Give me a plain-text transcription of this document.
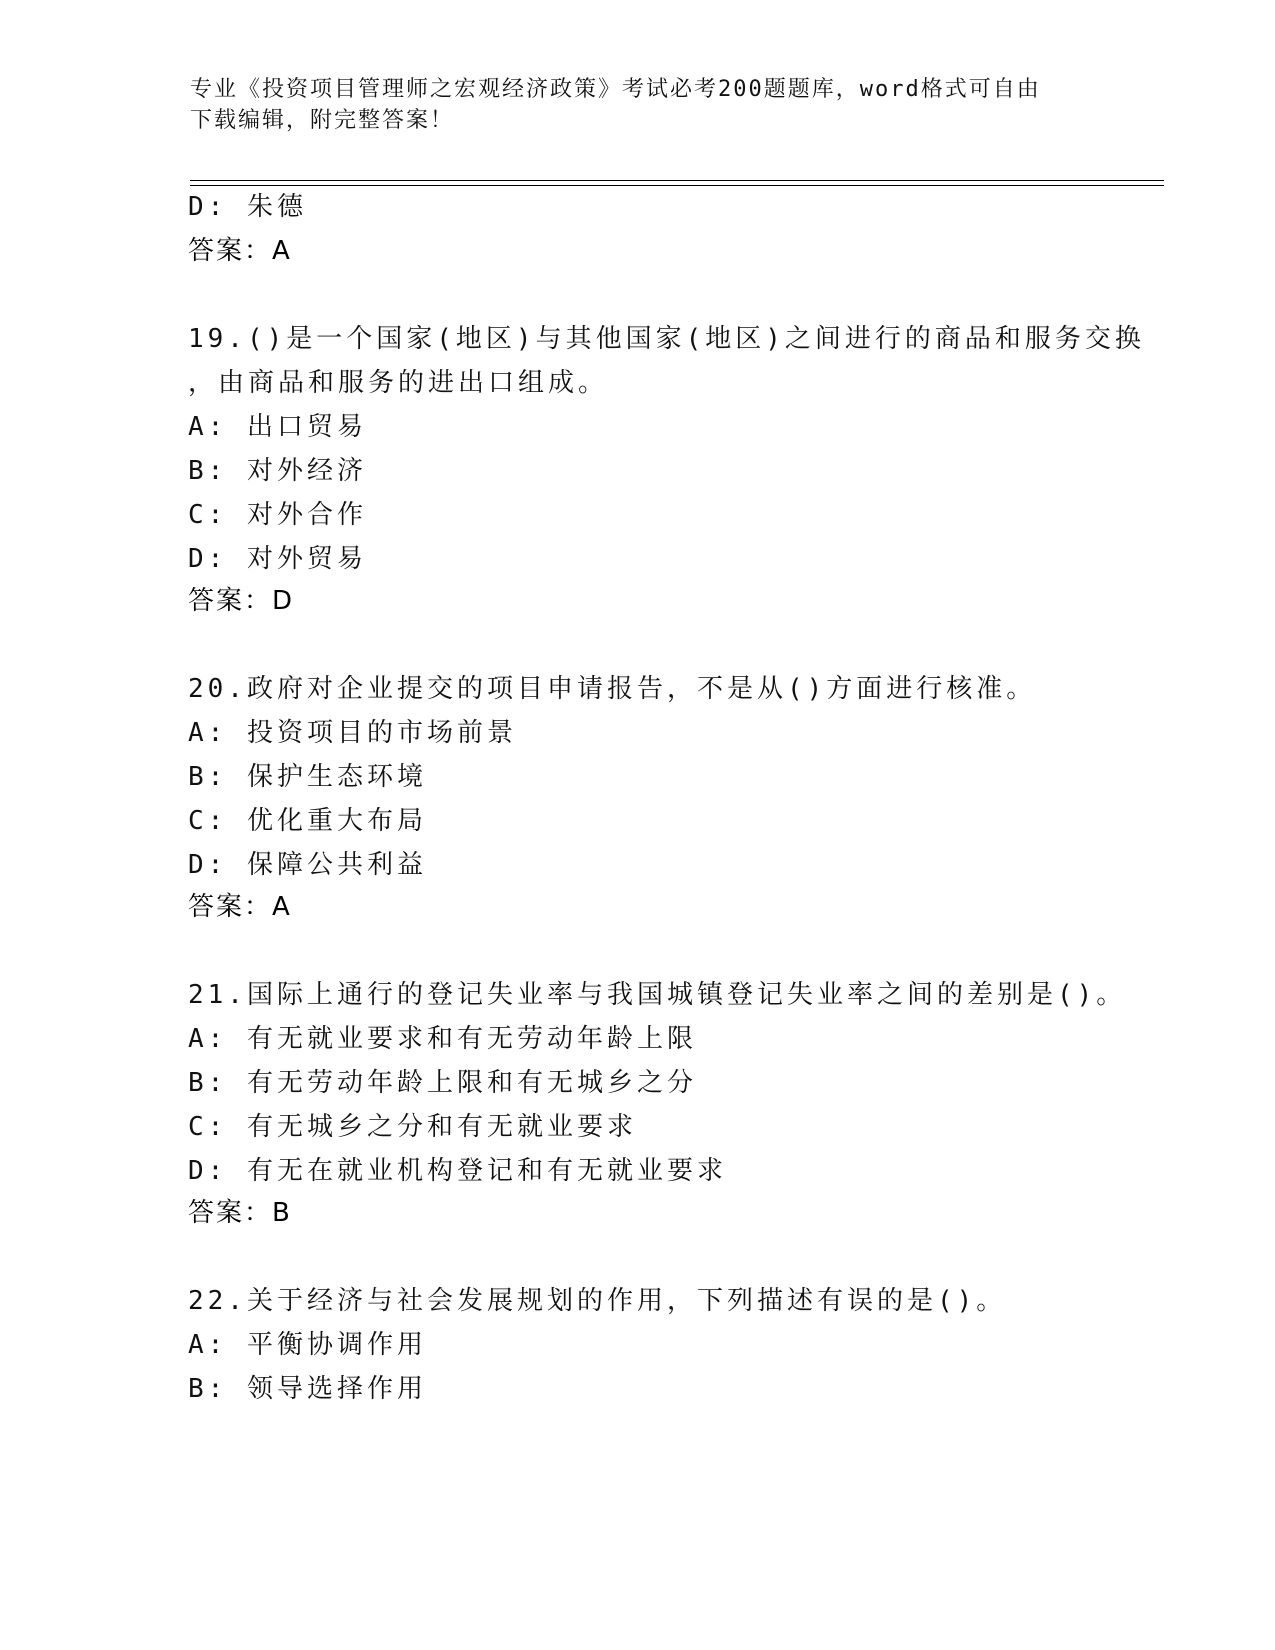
专业《投资项目管理师之宏观经济政策》考试必考200题题库，word格式可自由
下载编辑，附完整答案！
D: 朱德
答案：A
19.()是一个国家(地区)与其他国家(地区)之间进行的商品和服务交换
，由商品和服务的进出口组成。
A: 出口贸易
B: 对外经济
C: 对外合作
D: 对外贸易
答案：D
20.政府对企业提交的项目申请报告，不是从()方面进行核准。
A: 投资项目的市场前景
B: 保护生态环境
C: 优化重大布局
D: 保障公共利益
答案：A
21.国际上通行的登记失业率与我国城镇登记失业率之间的差别是()。
A: 有无就业要求和有无劳动年龄上限
B: 有无劳动年龄上限和有无城乡之分
C: 有无城乡之分和有无就业要求
D: 有无在就业机构登记和有无就业要求
答案：B
22.关于经济与社会发展规划的作用，下列描述有误的是()。
A: 平衡协调作用
B: 领导选择作用
